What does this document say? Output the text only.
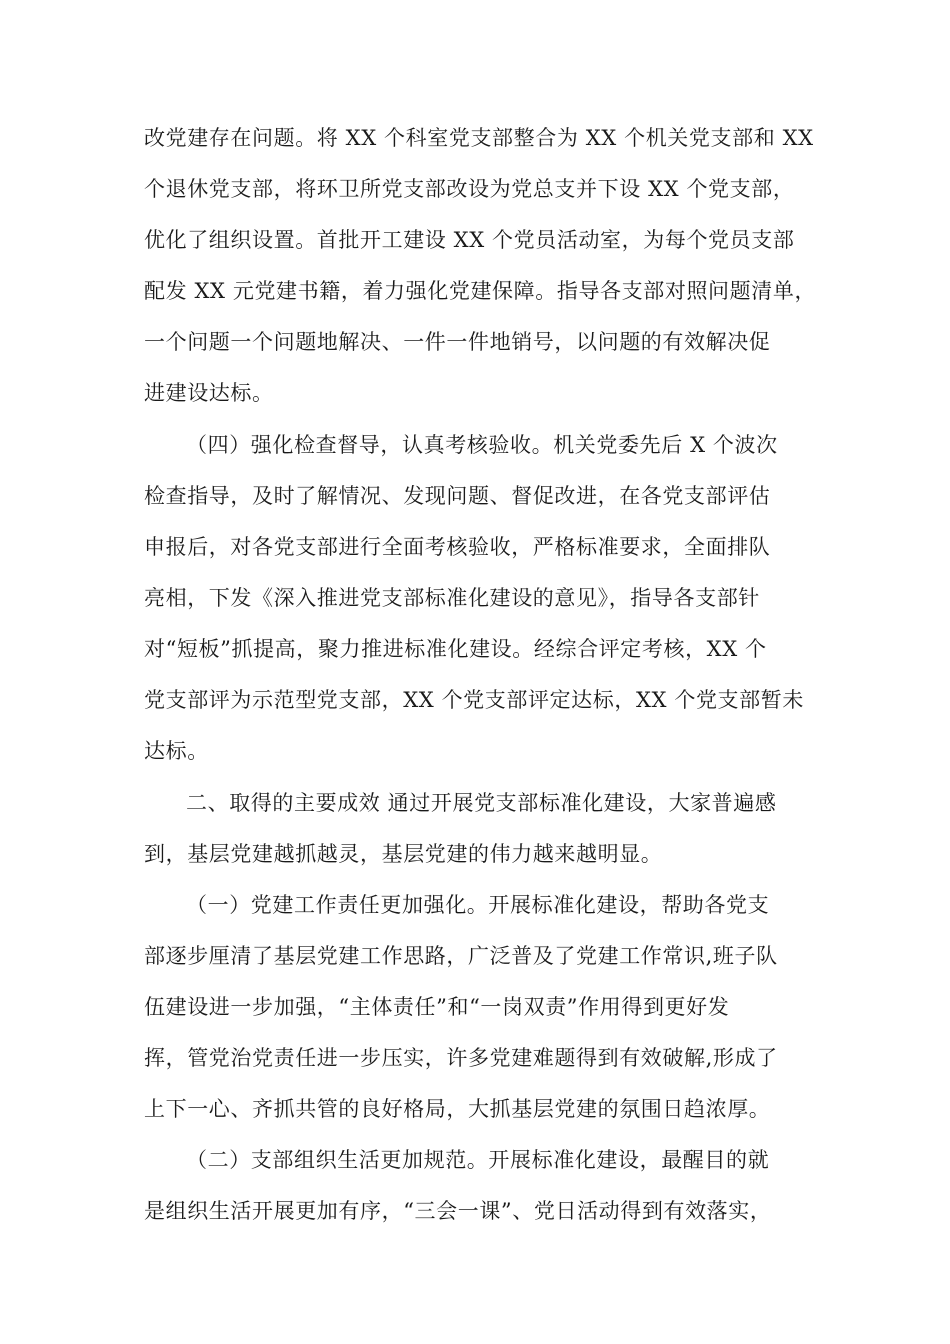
改党建存在问题。将 XX 个科室党支部整合为 XX 个机关党支部和 XX
个退休党支部，将环卫所党支部改设为党总支并下设 XX 个党支部，
优化了组织设置。首批开工建设 XX 个党员活动室，为每个党员支部
配发 XX 元党建书籍，着力强化党建保障。指导各支部对照问题清单，
一个问题一个问题地解决、一件一件地销号，以问题的有效解决促
进建设达标。
（四）强化检查督导，认真考核验收。机关党委先后 X 个波次
检查指导，及时了解情况、发现问题、督促改进，在各党支部评估
申报后，对各党支部进行全面考核验收，严格标准要求，全面排队
亮相，下发《深入推进党支部标准化建设的意见》，指导各支部针
对“短板”抓提高，聚力推进标准化建设。经综合评定考核，XX 个
党支部评为示范型党支部，XX 个党支部评定达标，XX 个党支部暂未
达标。
二、取得的主要成效 通过开展党支部标准化建设，大家普遍感
到，基层党建越抓越灵，基层党建的伟力越来越明显。
（一）党建工作责任更加强化。开展标准化建设，帮助各党支
部逐步厘清了基层党建工作思路，广泛普及了党建工作常识,班子队
伍建设进一步加强，“主体责任”和“一岗双责”作用得到更好发
挥，管党治党责任进一步压实，许多党建难题得到有效破解,形成了
上下一心、齐抓共管的良好格局，大抓基层党建的氛围日趋浓厚。
（二）支部组织生活更加规范。开展标准化建设，最醒目的就
是组织生活开展更加有序，“三会一课”、党日活动得到有效落实，
